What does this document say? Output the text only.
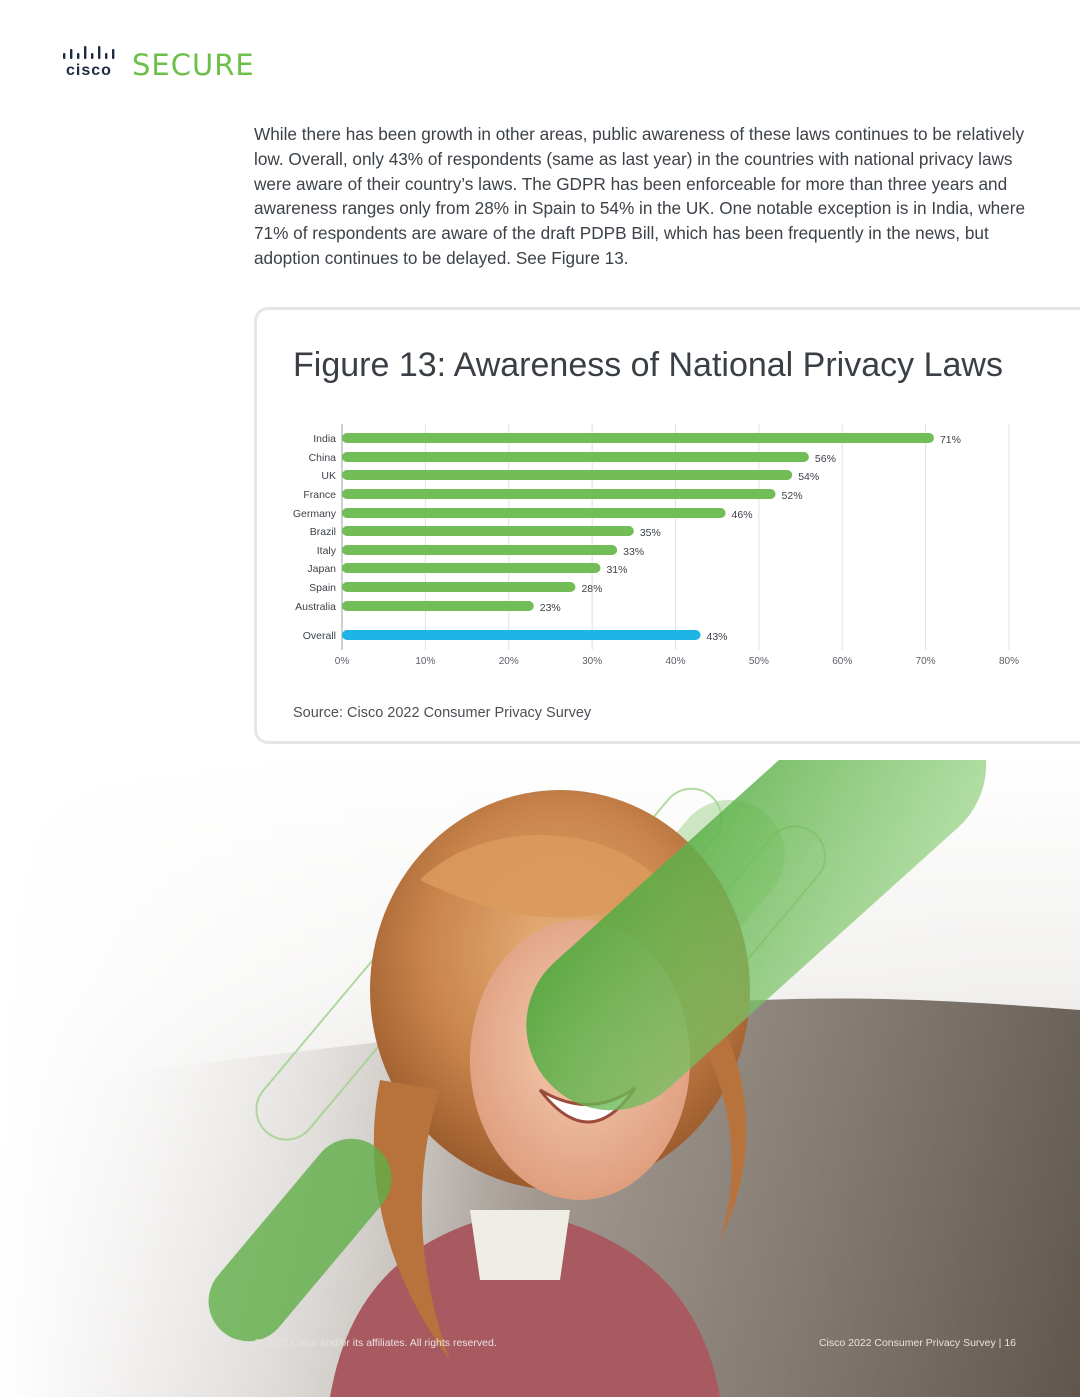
cisco SECURE

While there has been growth in other areas, public awareness of these laws continues to be relatively low. Overall, only 43% of respondents (same as last year) in the countries with national privacy laws were aware of their country’s laws. The GDPR has been enforceable for more than three years and awareness ranges only from 28% in Spain to 54% in the UK. One notable exception is in India, where 71% of respondents are aware of the draft PDPB Bill, which has been frequently in the news, but adoption continues to be delayed. See Figure 13.

Figure 13: Awareness of National Privacy Laws
0%	10%	20%	30%	40%	50%	60%	70%	80%
India	71%
China	56%
UK	54%
France	52%
Germany	46%
Brazil	35%
Italy	33%
Japan	31%
Spain	28%
Australia	23%
Overall	43%
Source: Cisco 2022 Consumer Privacy Survey
© 2022 Cisco and/or its affiliates. All rights reserved.	Cisco 2022 Consumer Privacy Survey | 16
